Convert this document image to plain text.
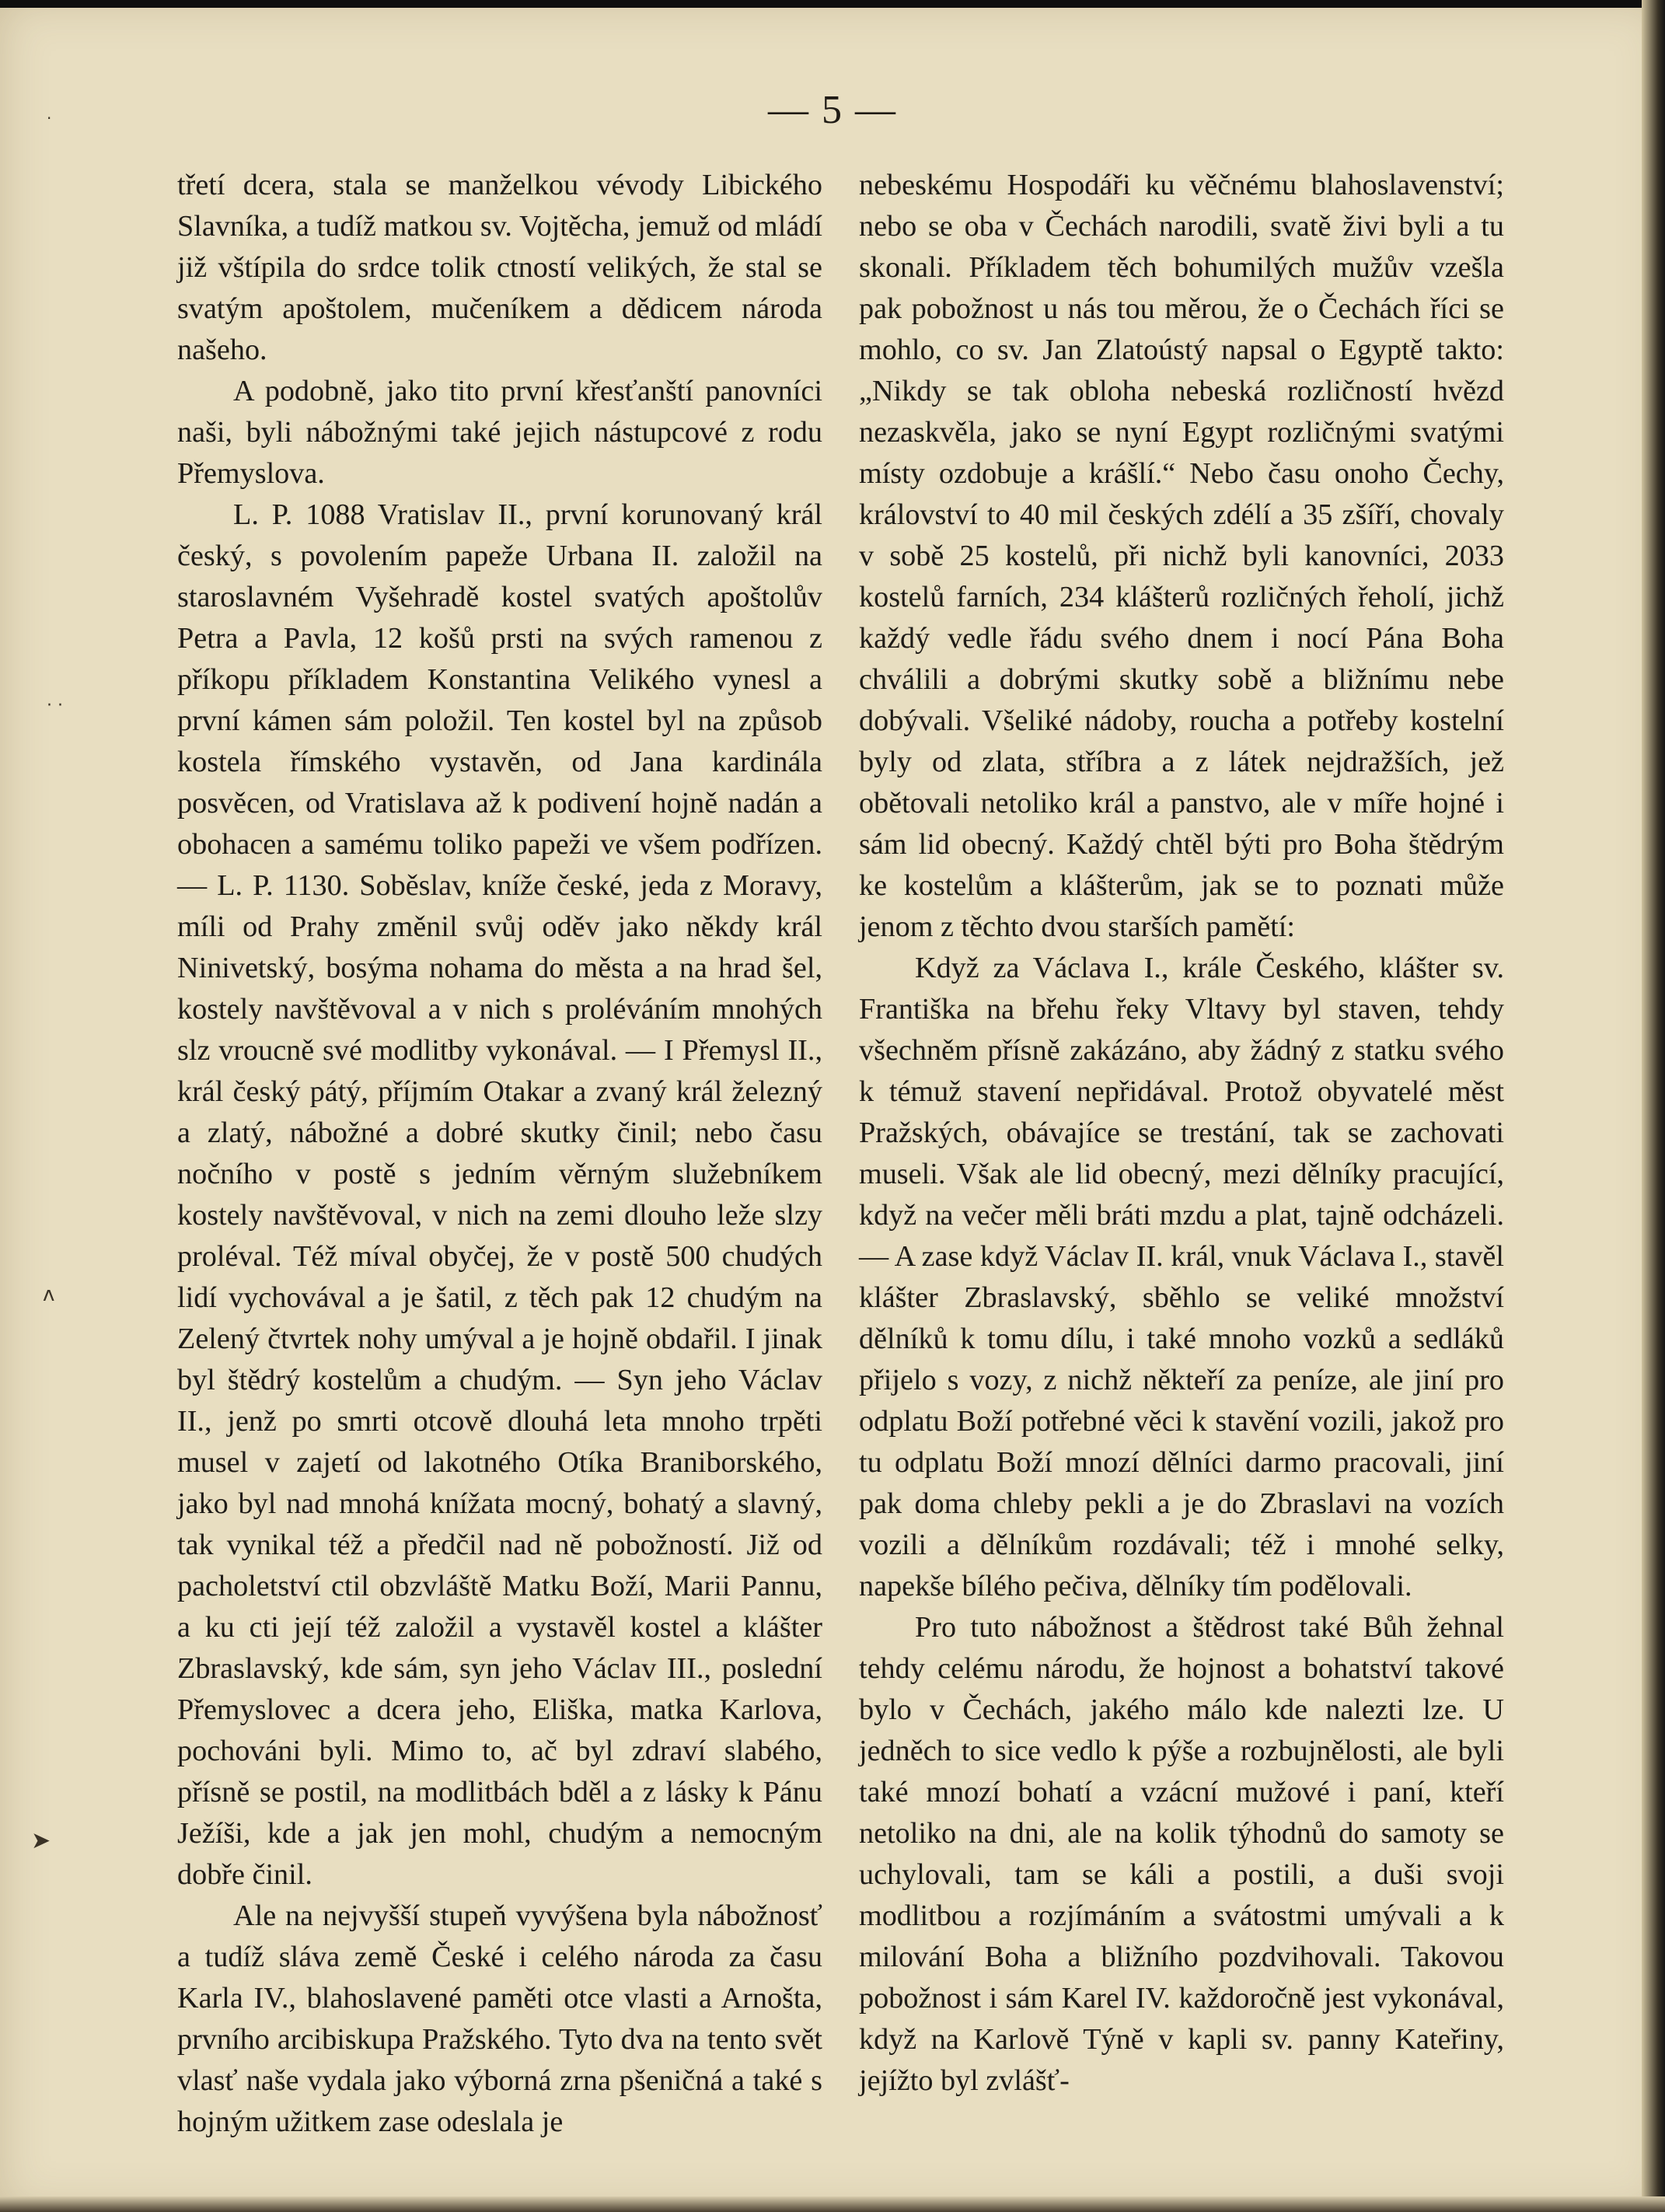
— 5 —

třetí dcera, stala se manželkou vévody Libického Slavníka, a tudíž matkou sv. Vojtěcha, jemuž od mládí již vštípila do srdce tolik ctností velikých, že stal se svatým apoštolem, mučeníkem a dědicem národa našeho.

A podobně, jako tito první křesťanští panovníci naši, byli nábožnými také jejich nástupcové z rodu Přemyslova.

L. P. 1088 Vratislav II., první korunovaný král český, s povolením papeže Urbana II. založil na staroslavném Vyšehradě kostel svatých apoštolův Petra a Pavla, 12 košů prsti na svých ramenou z příkopu příkladem Konstantina Velikého vynesl a první kámen sám položil. Ten kostel byl na způsob kostela římského vystavěn, od Jana kardinála posvěcen, od Vratislava až k podivení hojně nadán a obohacen a samému toliko papeži ve všem podřízen. — L. P. 1130. Soběslav, kníže české, jeda z Moravy, míli od Prahy změnil svůj oděv jako někdy král Ninivetský, bosýma nohama do města a na hrad šel, kostely navštěvoval a v nich s proléváním mnohých slz vroucně své modlitby vykonával. — I Přemysl II., král český pátý, příjmím Otakar a zvaný král železný a zlatý, nábožné a dobré skutky činil; nebo času nočního v postě s jedním věrným služebníkem kostely navštěvoval, v nich na zemi dlouho leže slzy proléval. Též míval obyčej, že v postě 500 chudých lidí vychovával a je šatil, z těch pak 12 chudým na Zelený čtvrtek nohy umýval a je hojně obdařil. I jinak byl štědrý kostelům a chudým. — Syn jeho Václav II., jenž po smrti otcově dlouhá leta mnoho trpěti musel v zajetí od lakotného Otíka Braniborského, jako byl nad mnohá knížata mocný, bohatý a slavný, tak vynikal též a předčil nad ně pobožností. Již od pacholetství ctil obzvláště Matku Boží, Marii Pannu, a ku cti její též založil a vystavěl kostel a klášter Zbraslavský, kde sám, syn jeho Václav III., poslední Přemyslovec a dcera jeho, Eliška, matka Karlova, pochováni byli. Mimo to, ač byl zdraví slabého, přísně se postil, na modlitbách bděl a z lásky k Pánu Ježíši, kde a jak jen mohl, chudým a nemocným dobře činil.

Ale na nejvyšší stupeň vyvýšena byla nábožnosť a tudíž sláva země České i celého národa za času Karla IV., blahoslavené paměti otce vlasti a Arnošta, prvního arcibiskupa Pražského. Tyto dva na tento svět vlasť naše vydala jako výborná zrna pšeničná a také s hojným užitkem zase odeslala je

nebeskému Hospodáři ku věčnému blahoslavenství; nebo se oba v Čechách narodili, svatě živi byli a tu skonali. Příkladem těch bohumilých mužův vzešla pak pobožnost u nás tou měrou, že o Čechách říci se mohlo, co sv. Jan Zlatoústý napsal o Egyptě takto: „Nikdy se tak obloha nebeská rozličností hvězd nezaskvěla, jako se nyní Egypt rozličnými svatými místy ozdobuje a krášlí.“ Nebo času onoho Čechy, království to 40 mil českých zdélí a 35 zšíří, chovaly v sobě 25 kostelů, při nichž byli kanovníci, 2033 kostelů farních, 234 klášterů rozličných řeholí, jichž každý vedle řádu svého dnem i nocí Pána Boha chválili a dobrými skutky sobě a bližnímu nebe dobývali. Všeliké nádoby, roucha a potřeby kostelní byly od zlata, stříbra a z látek nejdražších, jež obětovali netoliko král a panstvo, ale v míře hojné i sám lid obecný. Každý chtěl býti pro Boha štědrým ke kostelům a klášterům, jak se to poznati může jenom z těchto dvou starších pamětí:

Když za Václava I., krále Českého, klášter sv. Františka na břehu řeky Vltavy byl staven, tehdy všechněm přísně zakázáno, aby žádný z statku svého k témuž stavení nepřidával. Protož obyvatelé měst Pražských, obávajíce se trestání, tak se zachovati museli. Však ale lid obecný, mezi dělníky pracující, když na večer měli bráti mzdu a plat, tajně odcházeli. — A zase když Václav II. král, vnuk Václava I., stavěl klášter Zbraslavský, sběhlo se veliké množství dělníků k tomu dílu, i také mnoho vozků a sedláků přijelo s vozy, z nichž někteří za peníze, ale jiní pro odplatu Boží potřebné věci k stavění vozili, jakož pro tu odplatu Boží mnozí dělníci darmo pracovali, jiní pak doma chleby pekli a je do Zbraslavi na vozích vozili a dělníkům rozdávali; též i mnohé selky, napekše bílého pečiva, dělníky tím podělovali.

Pro tuto nábožnost a štědrost také Bůh žehnal tehdy celému národu, že hojnost a bohatství takové bylo v Čechách, jakého málo kde nalezti lze. U jedněch to sice vedlo k pýše a rozbujnělosti, ale byli také mnozí bohatí a vzácní mužové i paní, kteří netoliko na dni, ale na kolik týhodnů do samoty se uchylovali, tam se káli a postili, a duši svoji modlitbou a rozjímáním a svátostmi umývali a k milování Boha a bližního pozdvihovali. Takovou pobožnost i sám Karel IV. každoročně jest vykonával, když na Karlově Týně v kapli sv. panny Kateřiny, jejížto byl zvlášť-

·
· ·
ʌ
➤
